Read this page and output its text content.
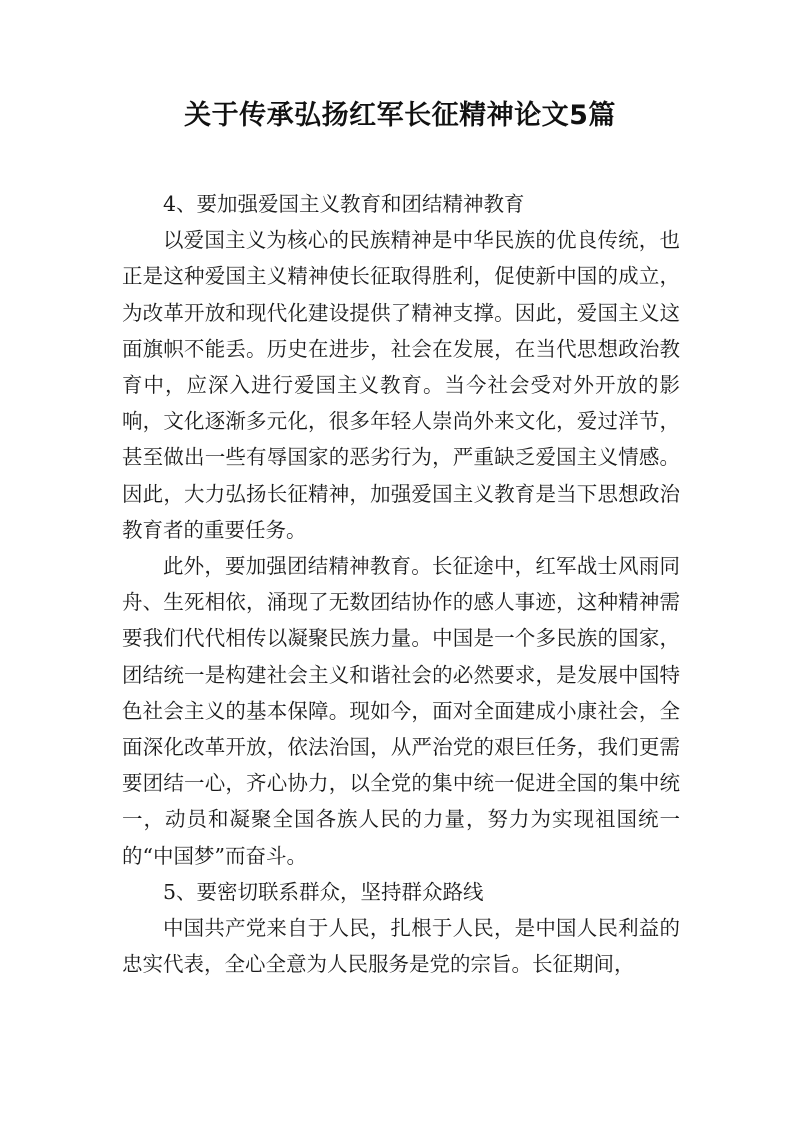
关于传承弘扬红军长征精神论文5篇

4、要加强爱国主义教育和团结精神教育

以爱国主义为核心的民族精神是中华民族的优良传统，也正是这种爱国主义精神使长征取得胜利，促使新中国的成立，为改革开放和现代化建设提供了精神支撑。因此，爱国主义这面旗帜不能丢。历史在进步，社会在发展，在当代思想政治教育中，应深入进行爱国主义教育。当今社会受对外开放的影响，文化逐渐多元化，很多年轻人崇尚外来文化，爱过洋节，甚至做出一些有辱国家的恶劣行为，严重缺乏爱国主义情感。因此，大力弘扬长征精神，加强爱国主义教育是当下思想政治教育者的重要任务。

此外，要加强团结精神教育。长征途中，红军战士风雨同舟、生死相依，涌现了无数团结协作的感人事迹，这种精神需要我们代代相传以凝聚民族力量。中国是一个多民族的国家，团结统一是构建社会主义和谐社会的必然要求，是发展中国特色社会主义的基本保障。现如今，面对全面建成小康社会，全面深化改革开放，依法治国，从严治党的艰巨任务，我们更需要团结一心，齐心协力，以全党的集中统一促进全国的集中统一，动员和凝聚全国各族人民的力量，努力为实现祖国统一的“中国梦”而奋斗。

5、要密切联系群众，坚持群众路线

中国共产党来自于人民，扎根于人民，是中国人民利益的忠实代表，全心全意为人民服务是党的宗旨。长征期间，
